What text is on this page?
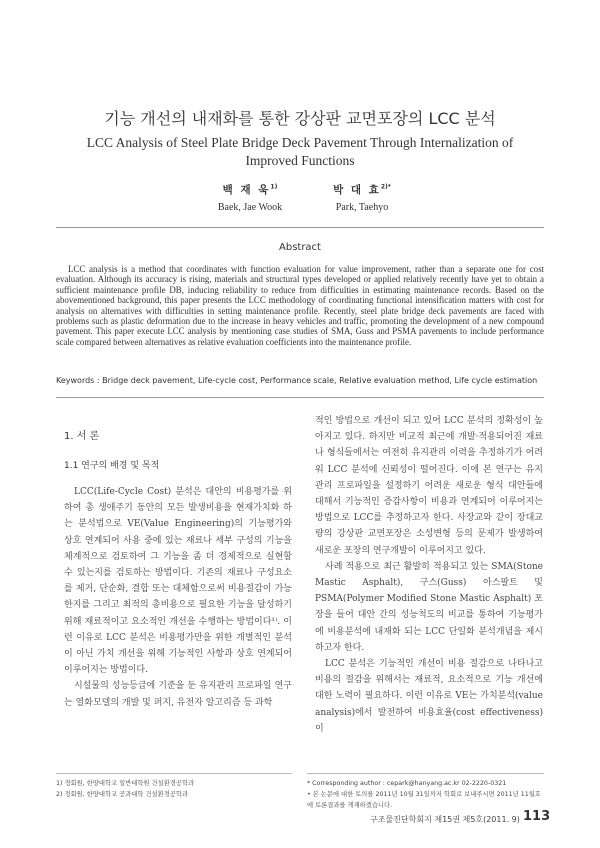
기능 개선의 내재화를 통한 강상판 교면포장의 LCC 분석
LCC Analysis of Steel Plate Bridge Deck Pavement Through Internalization of Improved Functions
백 재 욱$^{1)}$
Baek, Jae Wook
박 대 효$^{2)*}$
Park, Taehyo
Abstract
LCC analysis is a method that coordinates with function evaluation for value improvement, rather than a separate one for cost evaluation. Although its accuracy is rising, materials and structural types developed or applied relatively recently have yet to obtain a sufficient maintenance profile DB, inducing reliability to reduce from difficulties in estimating maintenance records. Based on the abovementioned background, this paper presents the LCC methodology of coordinating functional intensification matters with cost for analysis on alternatives with difficulties in setting maintenance profile. Recently, steel plate bridge deck pavements are faced with problems such as plastic deformation due to the increase in heavy vehicles and traffic, promoting the development of a new compound pavement. This paper execute LCC analysis by mentioning case studies of SMA, Guss and PSMA pavements to include performance scale compared between alternatives as relative evaluation coefficients into the maintenance profile.
Keywords : Bridge deck pavement, Life-cycle cost, Performance scale, Relative evaluation method, Life cycle estimation
1. 서 론
1.1 연구의 배경 및 목적

LCC(Life-Cycle Cost) 분석은 대안의 비용평가를 위하여 총 생애주기 동안의 모든 발생비용을 현재가치화 하는 분석법으로 VE(Value Engineering)의 기능평가와 상호 연계되어 사용 중에 있는 재료나 세부 구성의 기능을 체계적으로 검토하여 그 기능을 좀 더 경제적으로 실현할 수 있는지를 검토하는 방법이다. 기존의 재료나 구성요소를 제거, 단순화, 결합 또는 대체함으로써 비용절감이 가능한지를 그리고 최적의 총비용으로 필요한 기능을 달성하기 위해 재료적이고 요소적인 개선을 수행하는 방법이다¹⁾. 이런 이유로 LCC 분석은 비용평가만을 위한 개별적인 분석이 아닌 가치 개선을 위해 기능적인 사항과 상호 연계되어 이루어지는 방법이다.

시설물의 성능등급에 기준을 둔 유지관리 프로파일 연구는 열화모델의 개발 및 퍼지, 유전자 알고리즘 등 과학

적인 방법으로 개선이 되고 있어 LCC 분석의 정확성이 높아지고 있다. 하지만 비교적 최근에 개발·적용되어진 재료나 형식들에서는 여전히 유지관리 이력을 추정하기가 어려워 LCC 분석에 신뢰성이 떨어진다. 이에 본 연구는 유지관리 프로파일을 설정하기 어려운 새로운 형식 대안들에 대해서 기능적인 증감사항이 비용과 연계되어 이루어지는 방법으로 LCC를 추정하고자 한다. 사장교와 같이 장대교량의 강상판 교면포장은 소성변형 등의 문제가 발생하여 새로운 포장의 연구개발이 이루어지고 있다.

사례 적용으로 최근 활발히 적용되고 있는 SMA(Stone Mastic Asphalt), 구스(Guss) 아스팔트 및 PSMA(Polymer Modified Stone Mastic Asphalt) 포장을 들어 대안 간의 성능척도의 비교를 통하여 기능평가에 비용분석에 내재화 되는 LCC 단일화 분석개념을 제시하고자 한다.

LCC 분석은 기능적인 개선이 비용 절감으로 나타나고 비용의 절감을 위해서는 재료적, 요소적으로 기능 개선에 대한 노력이 필요하다. 이런 이유로 VE는 가치분석(value analysis)에서 발전하여 비용효율(cost effectiveness)이

1) 정회원, 한양대학교 일반대학원 건설환경공학과
2) 정회원, 한양대학교 공과대학 건설환경공학과
* Corresponding author : cepark@hanyang.ac.kr 02-2220-0321
• 본 논문에 대한 토의를 2011년 10월 31일까지 학회로 보내주시면 2011년 11월호에 토론결과를 게재하겠습니다.
구조물진단학회지 제15권 제5호(2011. 9) 113
